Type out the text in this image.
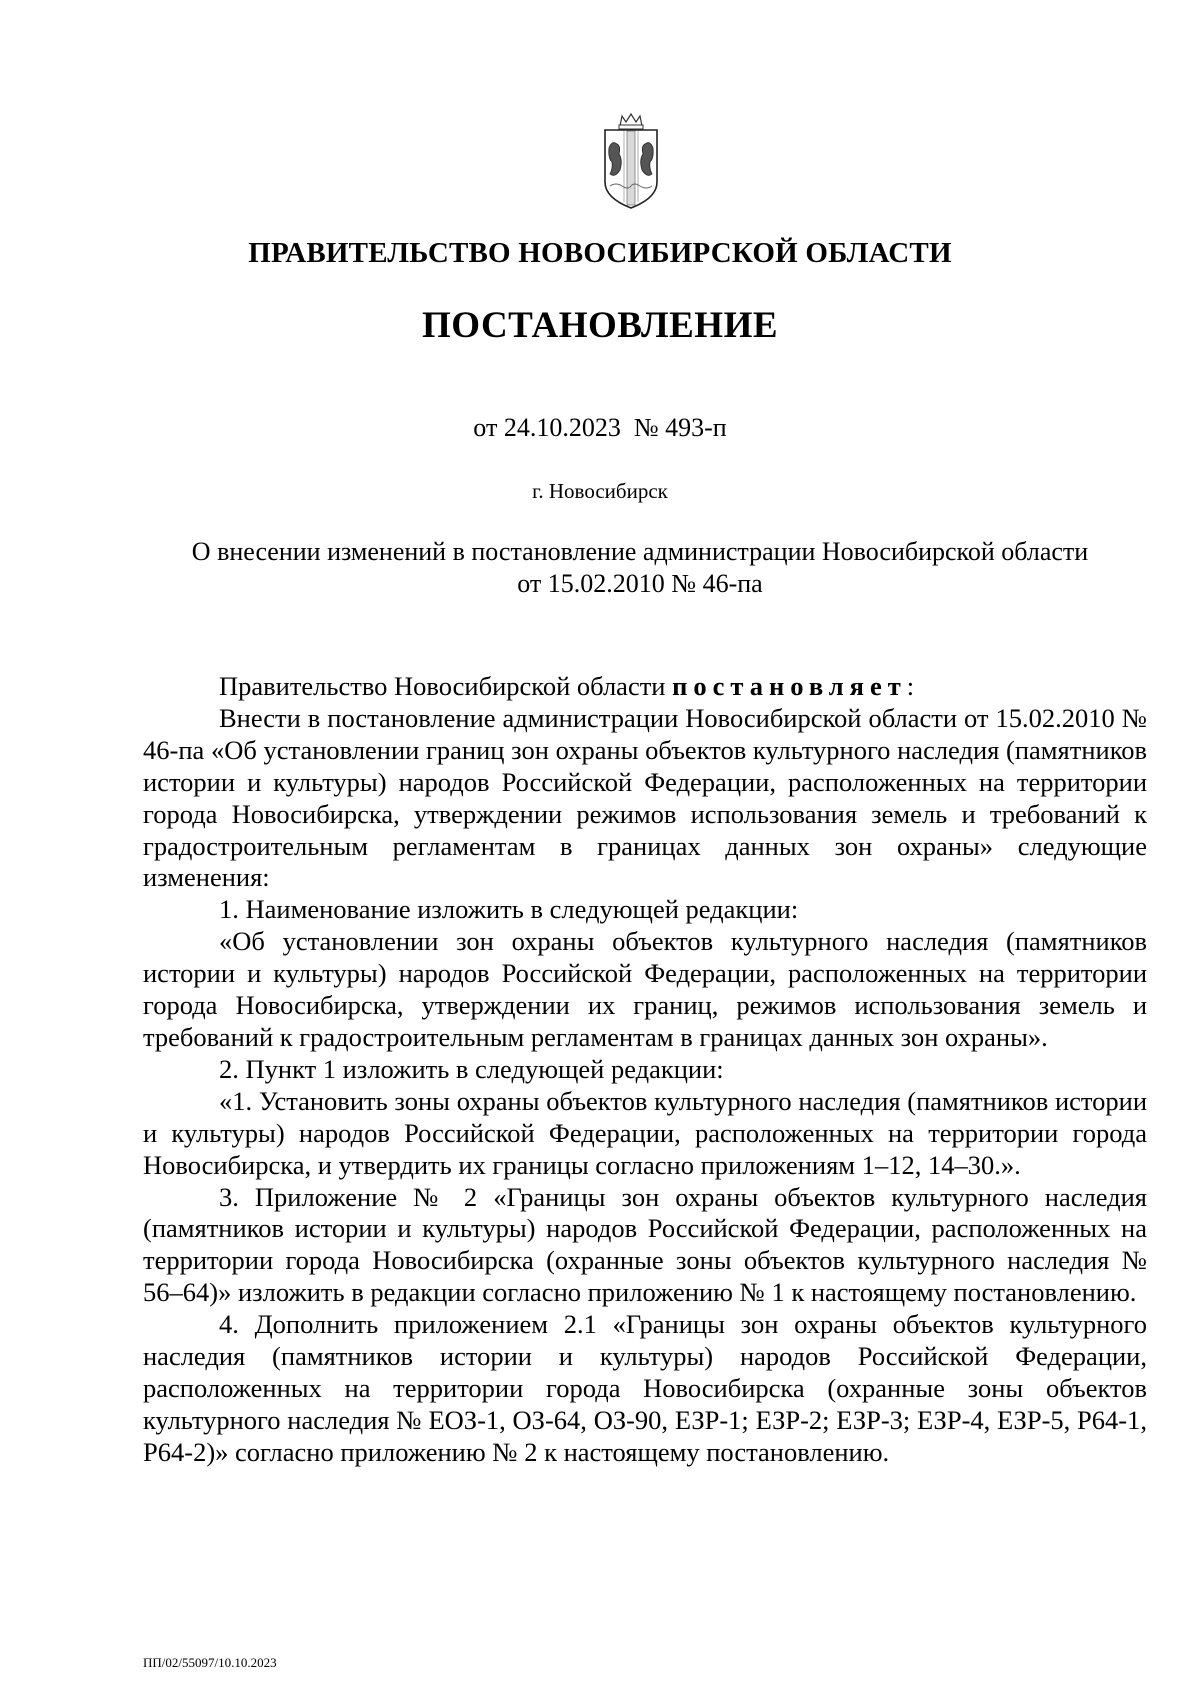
ПРАВИТЕЛЬСТВО НОВОСИБИРСКОЙ ОБЛАСТИ
ПОСТАНОВЛЕНИЕ
от 24.10.2023  № 493-п
г. Новосибирск
О внесении изменений в постановление администрации Новосибирской области
от 15.02.2010 № 46-па

Правительство Новосибирской области постановляет:

Внести в постановление администрации Новосибирской области от 15.02.2010 № 46-па «Об установлении границ зон охраны объектов культурного наследия (памятников истории и культуры) народов Российской Федерации, расположенных на территории города Новосибирска, утверждении режимов использования земель и требований к градостроительным регламентам в границах данных зон охраны» следующие изменения:

1. Наименование изложить в следующей редакции:

«Об установлении зон охраны объектов культурного наследия (памятников истории и культуры) народов Российской Федерации, расположенных на территории города Новосибирска, утверждении их границ, режимов использования земель и требований к градостроительным регламентам в границах данных зон охраны».

2. Пункт 1 изложить в следующей редакции:

«1. Установить зоны охраны объектов культурного наследия (памятников истории и культуры) народов Российской Федерации, расположенных на территории города Новосибирска, и утвердить их границы согласно приложениям 1–12, 14–30.».

3. Приложение № 2 «Границы зон охраны объектов культурного наследия (памятников истории и культуры) народов Российской Федерации, расположенных на территории города Новосибирска (охранные зоны объектов культурного наследия № 56–64)» изложить в редакции согласно приложению № 1 к настоящему постановлению.

4. Дополнить приложением 2.1 «Границы зон охраны объектов культурного наследия (памятников истории и культуры) народов Российской Федерации, расположенных на территории города Новосибирска (охранные зоны объектов культурного наследия № ЕОЗ-1, ОЗ-64, ОЗ-90, ЕЗР-1; ЕЗР-2; ЕЗР-3; ЕЗР-4, ЕЗР-5, Р64-1, Р64-2)» согласно приложению № 2 к настоящему постановлению.

ПП/02/55097/10.10.2023
